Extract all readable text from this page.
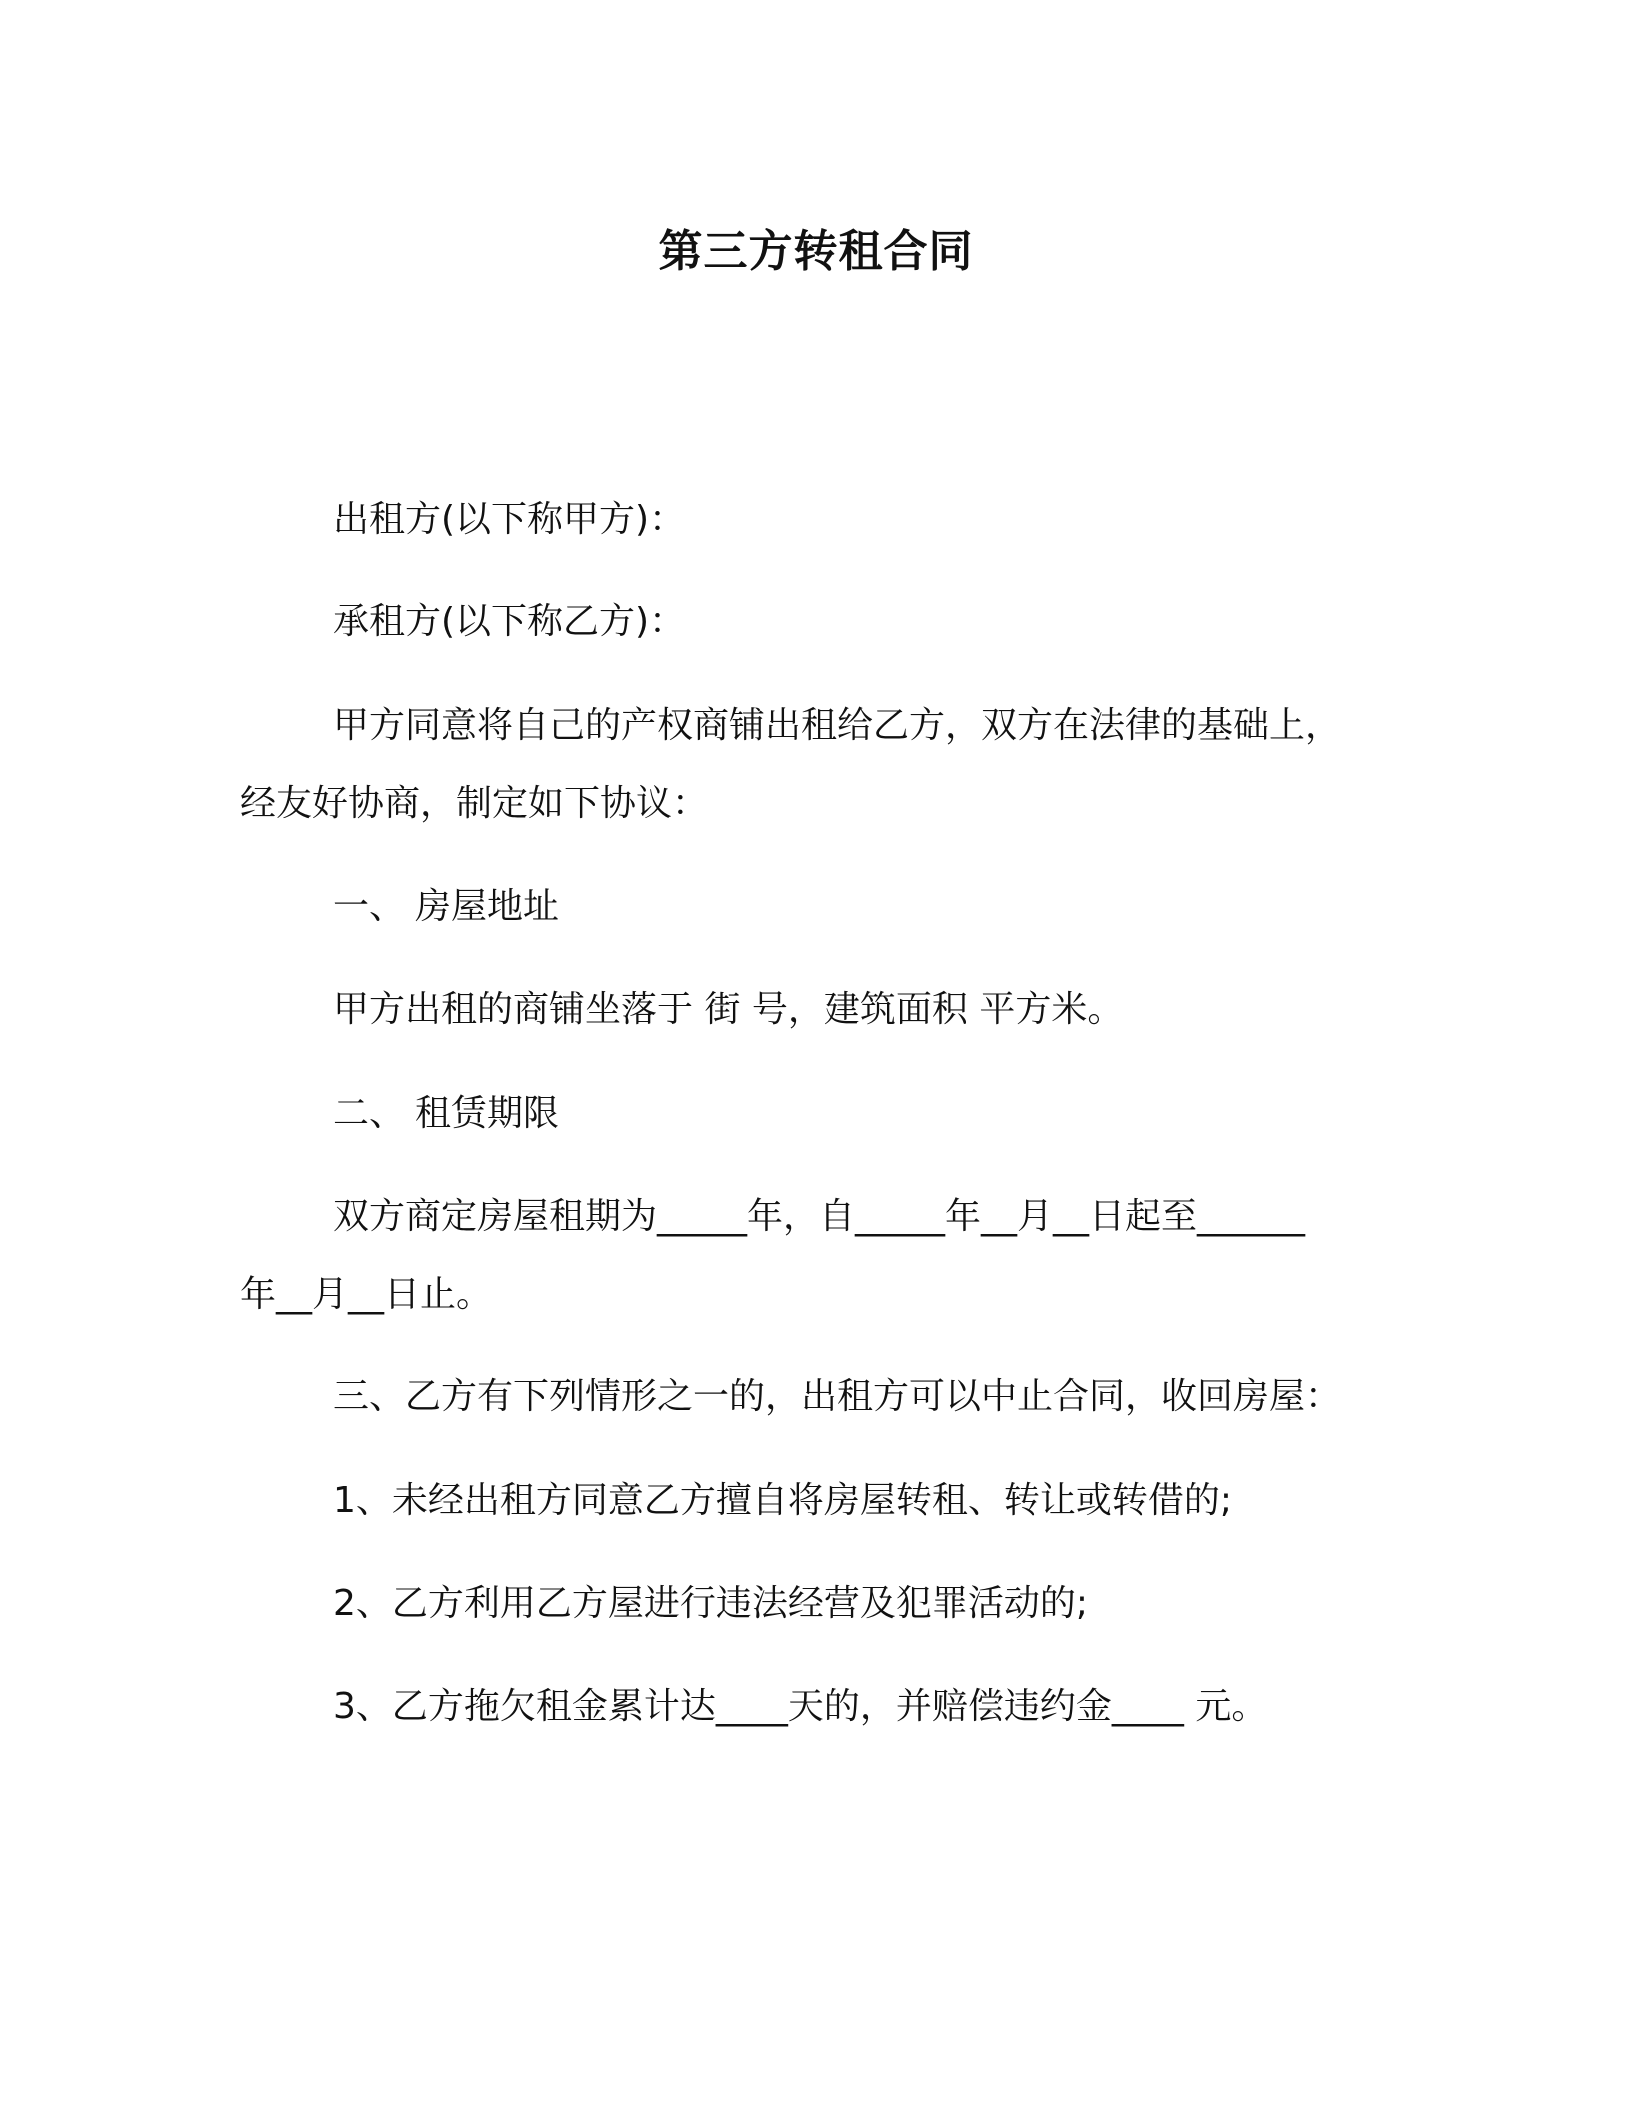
第三方转租合同
出租方(以下称甲方)：
承租方(以下称乙方)：
甲方同意将自己的产权商铺出租给乙方，双方在法律的基础上，
经友好协商，制定如下协议：
一、 房屋地址
甲方出租的商铺坐落于 街 号，建筑面积 平方米。
二、 租赁期限
双方商定房屋租期为_____年，自_____年__月__日起至______
年__月__日止。
三、乙方有下列情形之一的，出租方可以中止合同，收回房屋：
1、未经出租方同意乙方擅自将房屋转租、转让或转借的;
2、乙方利用乙方屋进行违法经营及犯罪活动的;
3、乙方拖欠租金累计达____天的，并赔偿违约金____ 元。
